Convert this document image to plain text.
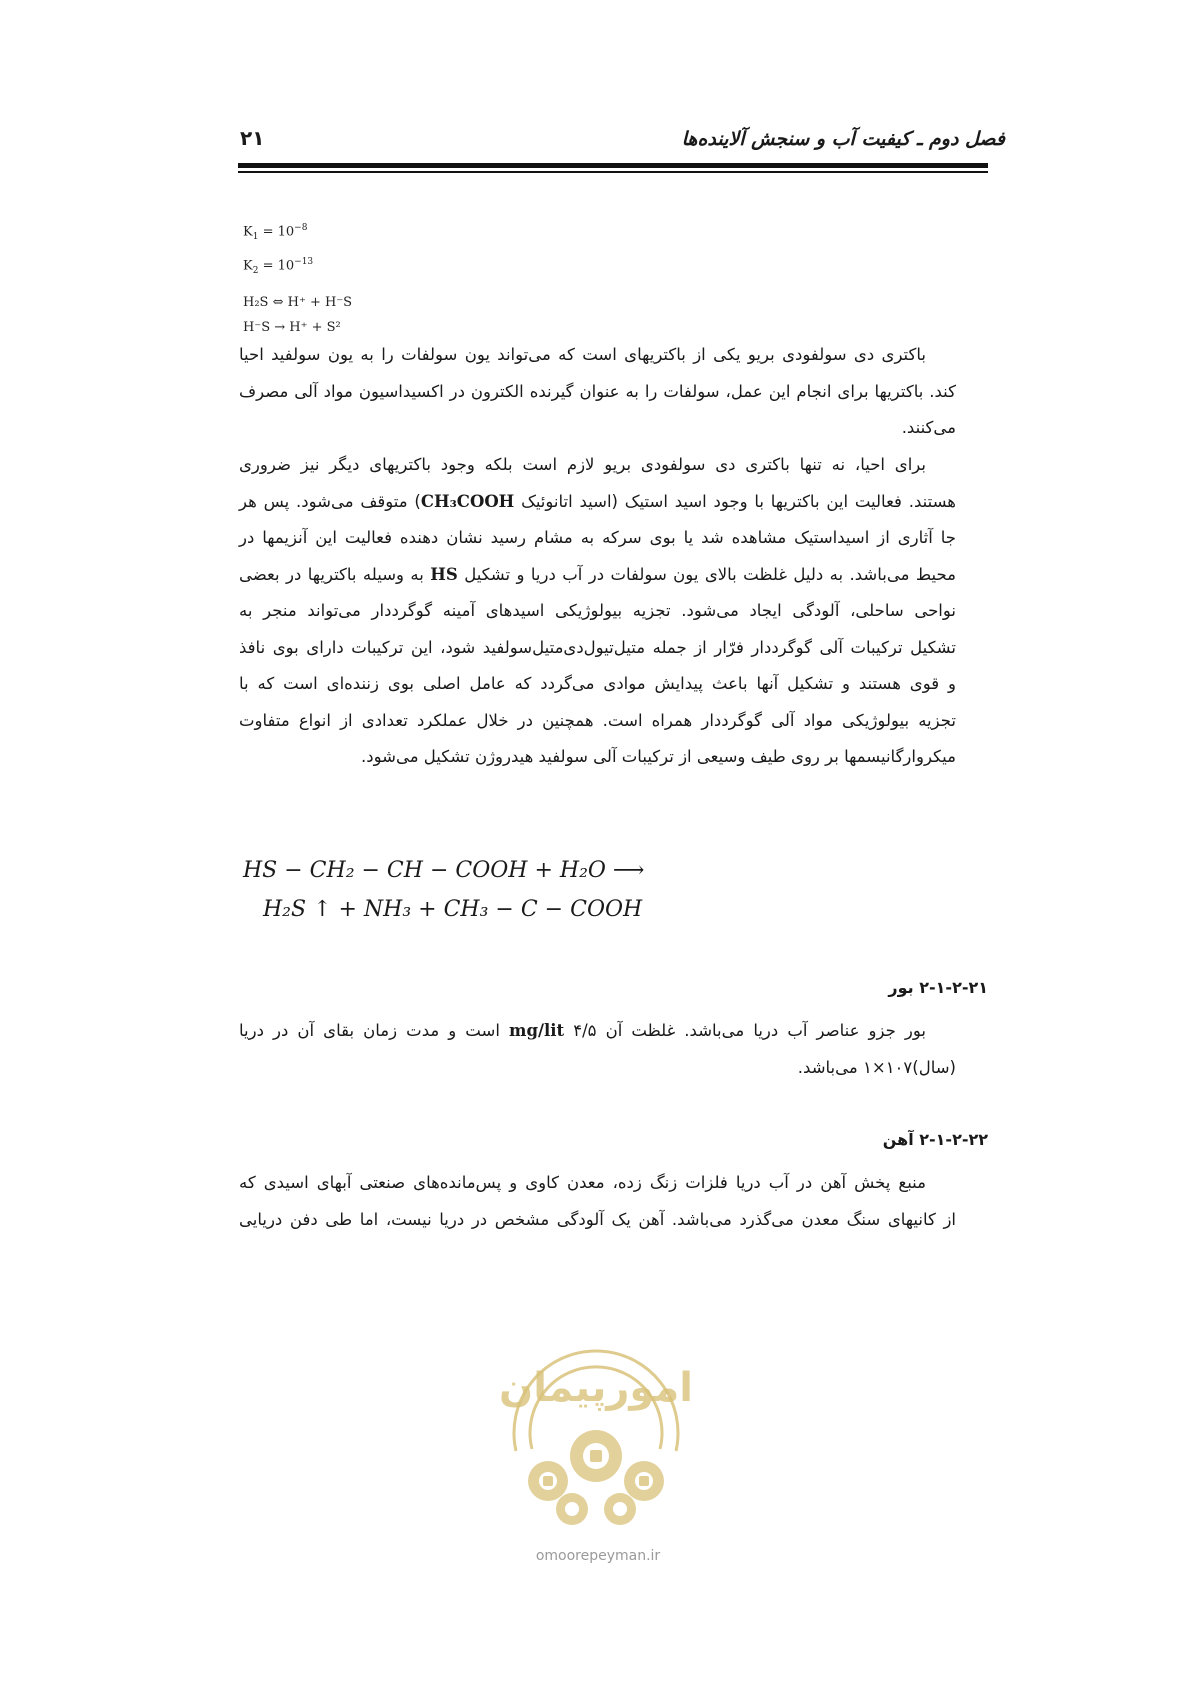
فصل دوم ـ کیفیت آب و سنجش آلاینده‌ها
۲۱
$K_1 = 10^{-8}$
$K_2 = 10^{-13}$
H₂S ⇔ H⁺ + H⁻S
H⁻S → H⁺ + S²
باکتری دی سولفودی بریو یکی از باکتریهای است که می‌تواند یون سولفات را به یون سولفید احیا
کند. باکتریها برای انجام این عمل، سولفات را به عنوان گیرنده الکترون در اکسیداسیون مواد آلی مصرف
می‌کنند.
برای احیا، نه تنها باکتری دی سولفودی بریو لازم است بلکه وجود باکتریهای دیگر نیز ضروری
هستند. فعالیت این باکتریها با وجود اسید استیک (اسید اتانوئیک CH₃COOH) متوقف می‌شود. پس هر
جا آثاری از اسیداستیک مشاهده شد یا بوی سرکه به مشام رسید نشان دهنده فعالیت این آنزیمها در
محیط می‌باشد. به دلیل غلظت بالای یون سولفات در آب دریا و تشکیل HS به وسیله باکتریها در بعضی
نواحی ساحلی، آلودگی ایجاد می‌شود. تجزیه بیولوژیکی اسیدهای آمینه گوگرددار می‌تواند منجر به
تشکیل ترکیبات آلی گوگرددار فرّار از جمله متیل‌تیول‌دی‌متیل‌سولفید شود، این ترکیبات دارای بوی نافذ
و قوی هستند و تشکیل آنها باعث پیدایش موادی می‌گردد که عامل اصلی بوی زننده‌ای است که با
تجزیه بیولوژیکی مواد آلی گوگرددار همراه است. همچنین در خلال عملکرد تعدادی از انواع متفاوت
میکروارگانیسمها بر روی طیف وسیعی از ترکیبات آلی سولفید هیدروژن تشکیل می‌شود.
HS − CH₂ − CH − COOH + H₂O ⟶
H₂S ↑ + NH₃ + CH₃ − C − COOH
۲-۱-۲-۲۱ بور
بور جزو عناصر آب دریا می‌باشد. غلظت آن mg/lit ۴/۵ است و مدت زمان بقای آن در دریا
(سال)۱۰۷×۱ می‌باشد.
۲-۱-۲-۲۲ آهن
منبع پخش آهن در آب دریا فلزات زنگ زده، معدن کاوی و پس‌مانده‌های صنعتی آبهای اسیدی که
از کانیهای سنگ معدن می‌گذرد می‌باشد. آهن یک آلودگی مشخص در دریا نیست، اما طی دفن دریایی
امورپیمان
omoorepeyman.ir
